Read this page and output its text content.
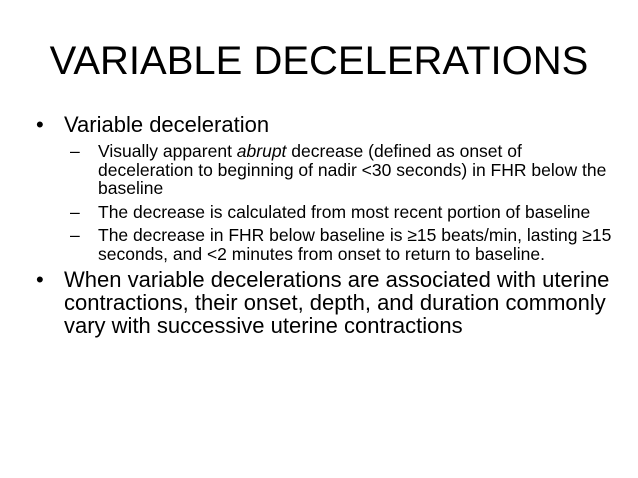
VARIABLE DECELERATIONS
• Variable deceleration
– Visually apparent abrupt decrease (defined as onset of deceleration to beginning of nadir <30 seconds) in FHR below the baseline
– The decrease is calculated from most recent portion of baseline
– The decrease in FHR below baseline is ≥15 beats/min, lasting ≥15 seconds, and <2 minutes from onset to return to baseline.
• When variable decelerations are associated with uterine contractions, their onset, depth, and duration commonly vary with successive uterine contractions
